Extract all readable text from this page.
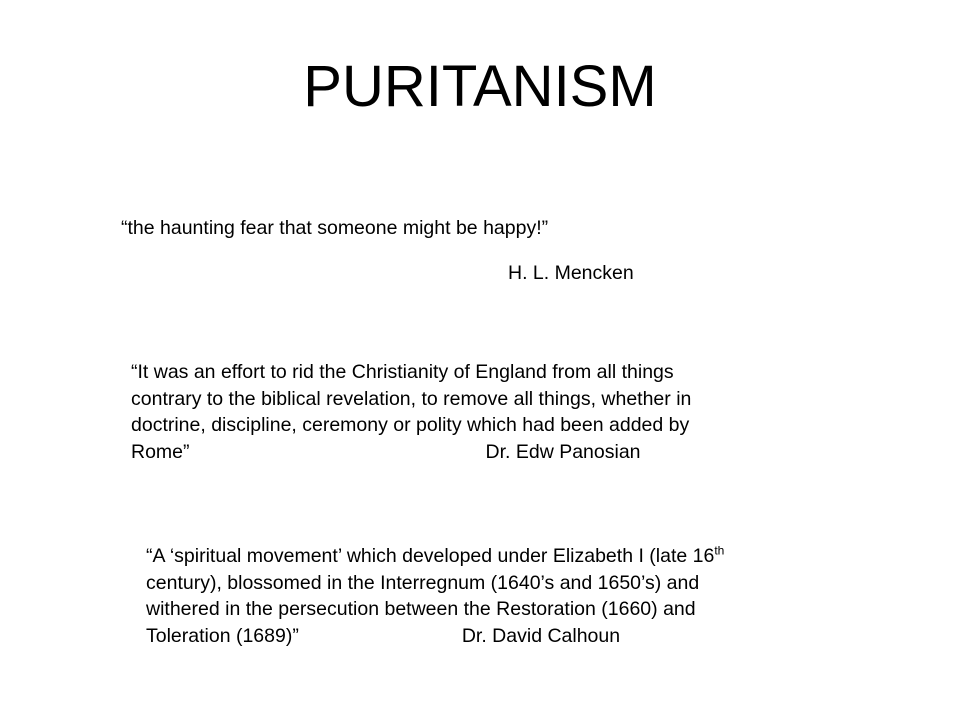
PURITANISM
“the haunting fear that someone might be happy!”
H. L. Mencken
“It was an effort to rid the Christianity of England from all things
contrary to the biblical revelation, to remove all things, whether in
doctrine, discipline, ceremony or polity which had been added by
Rome”	Dr. Edw Panosian
“A ‘spiritual movement’ which developed under Elizabeth I (late 16th
century), blossomed in the Interregnum (1640’s and 1650’s) and
withered in the persecution between the Restoration (1660) and
Toleration (1689)”	Dr. David Calhoun
